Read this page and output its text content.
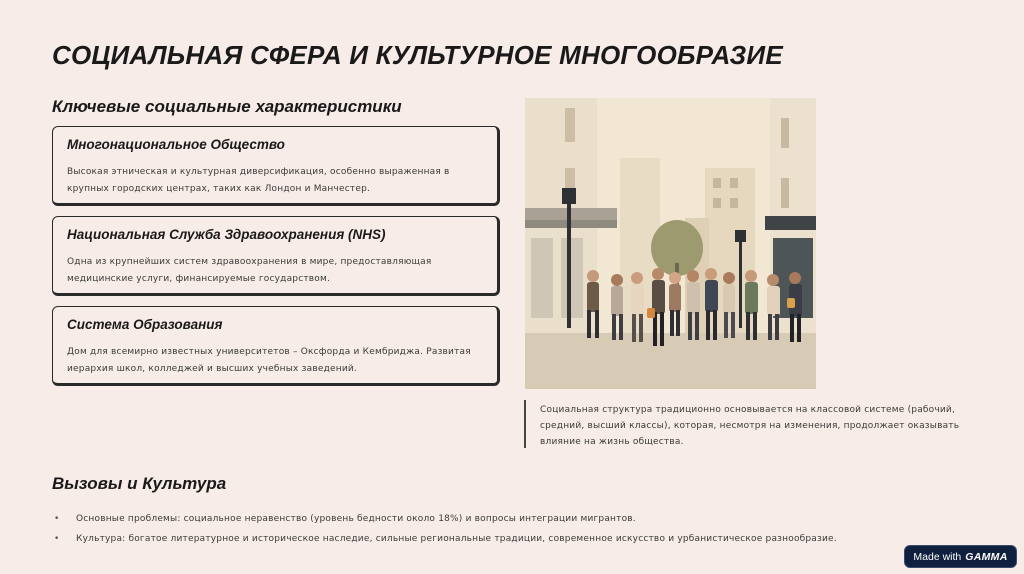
СОЦИАЛЬНАЯ СФЕРА И КУЛЬТУРНОЕ МНОГООБРАЗИЕ
Ключевые социальные характеристики
Многонациональное Общество
Высокая этническая и культурная диверсификация, особенно выраженная в крупных городских центрах, таких как Лондон и Манчестер.
Национальная Служба Здравоохранения (NHS)
Одна из крупнейших систем здравоохранения в мире, предоставляющая медицинские услуги, финансируемые государством.
Система Образования
Дом для всемирно известных университетов – Оксфорда и Кембриджа. Развитая иерархия школ, колледжей и высших учебных заведений.
Социальная структура традиционно основывается на классовой системе (рабочий, средний, высший классы), которая, несмотря на изменения, продолжает оказывать влияние на жизнь общества.
Вызовы и Культура
• Основные проблемы: социальное неравенство (уровень бедности около 18%) и вопросы интеграции мигрантов.
• Культура: богатое литературное и историческое наследие, сильные региональные традиции, современное искусство и урбанистическое разнообразие.
Made with GAMMA
